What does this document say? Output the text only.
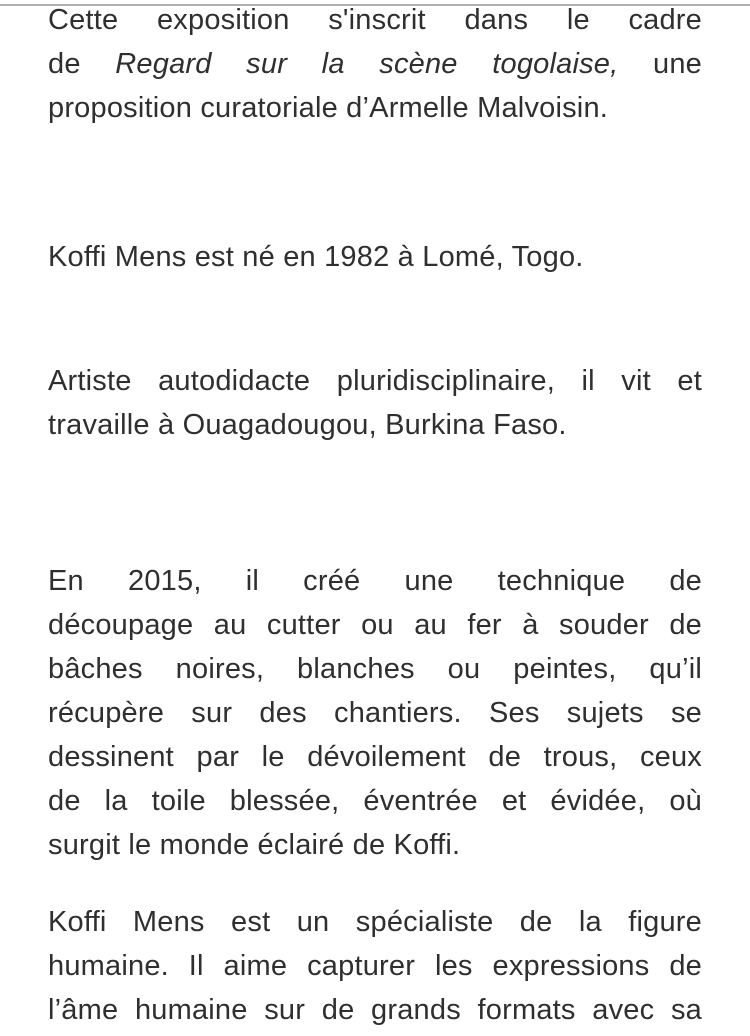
Cette exposition s'inscrit dans le cadre
de Regard sur la scène togolaise, une
proposition curatoriale d’Armelle Malvoisin.

Koffi Mens est né en 1982 à Lomé, Togo.

Artiste autodidacte pluridisciplinaire, il vit et
travaille à Ouagadougou, Burkina Faso.

En 2015, il créé une technique de
découpage au cutter ou au fer à souder de
bâches noires, blanches ou peintes, qu’il
récupère sur des chantiers. Ses sujets se
dessinent par le dévoilement de trous, ceux
de la toile blessée, éventrée et évidée, où
surgit le monde éclairé de Koffi.

Koffi Mens est un spécialiste de la figure
humaine. Il aime capturer les expressions de
l’âme humaine sur de grands formats avec sa
